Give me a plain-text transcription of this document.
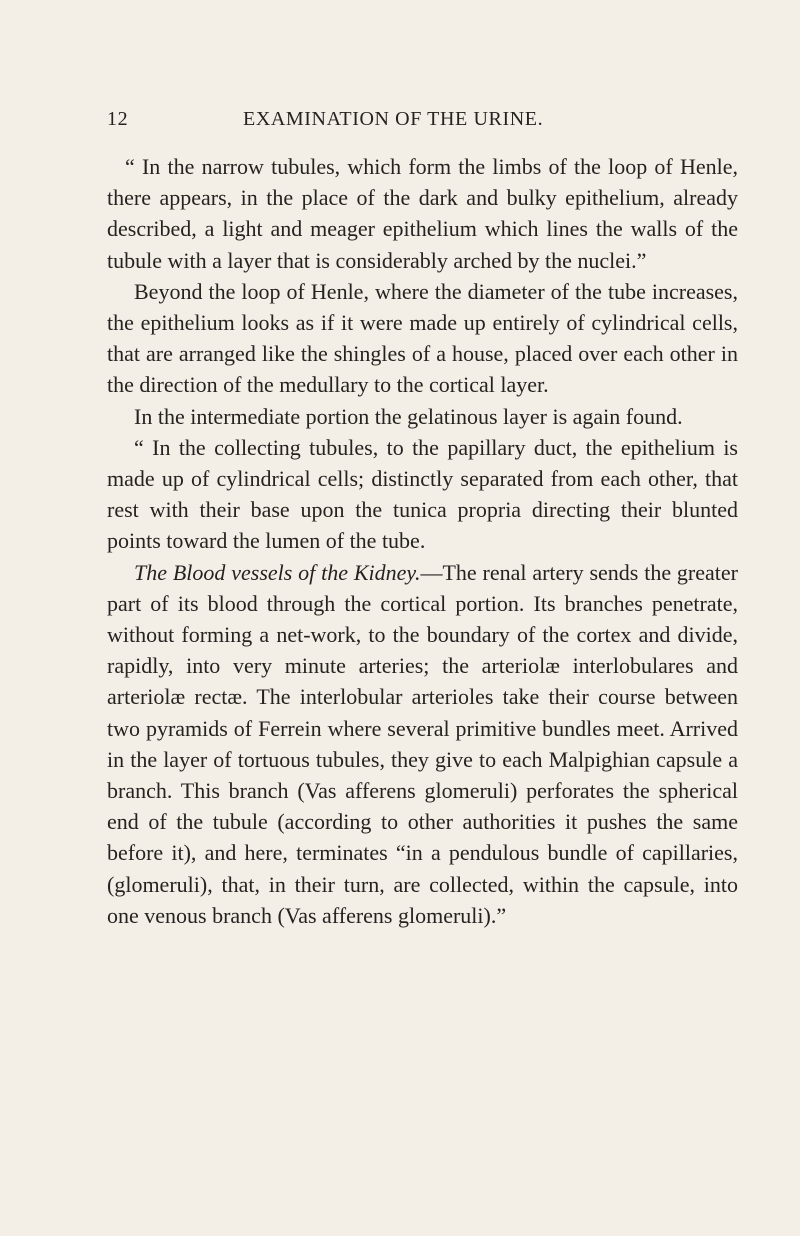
12	EXAMINATION OF THE URINE.

“ In the narrow tubules, which form the limbs of the loop of Henle, there appears, in the place of the dark and bulky epithelium, already described, a light and meager epithelium which lines the walls of the tubule with a layer that is considerably arched by the nuclei.”

Beyond the loop of Henle, where the diameter of the tube increases, the epithelium looks as if it were made up entirely of cylindrical cells, that are arranged like the shingles of a house, placed over each other in the direction of the medullary to the cortical layer.

In the intermediate portion the gelatinous layer is again found.

“ In the collecting tubules, to the papillary duct, the epithelium is made up of cylindrical cells; distinctly separated from each other, that rest with their base upon the tunica propria directing their blunted points toward the lumen of the tube.

The Blood vessels of the Kidney.—The renal artery sends the greater part of its blood through the cortical portion. Its branches penetrate, without forming a net-work, to the boundary of the cortex and divide, rapidly, into very minute arteries; the arteriolæ interlobulares and arteriolæ rectæ. The interlobular arterioles take their course between two pyramids of Ferrein where several primitive bundles meet. Arrived in the layer of tortuous tubules, they give to each Malpighian capsule a branch. This branch (Vas afferens glomeruli) perforates the spherical end of the tubule (according to other authorities it pushes the same before it), and here, terminates “in a pendulous bundle of capillaries, (glomeruli), that, in their turn, are collected, within the capsule, into one venous branch (Vas afferens glomeruli).”
